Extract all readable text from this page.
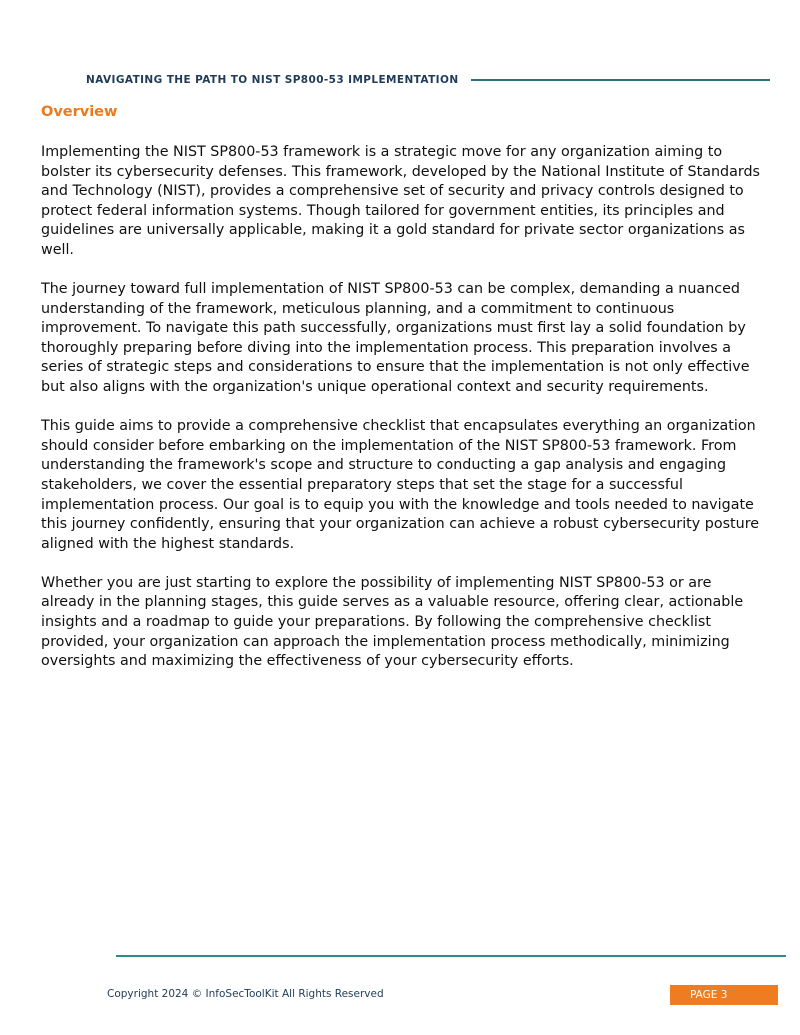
NAVIGATING THE PATH TO NIST SP800-53 IMPLEMENTATION
Overview

Implementing the NIST SP800-53 framework is a strategic move for any organization aiming to bolster its cybersecurity defenses. This framework, developed by the National Institute of Standards and Technology (NIST), provides a comprehensive set of security and privacy controls designed to protect federal information systems. Though tailored for government entities, its principles and guidelines are universally applicable, making it a gold standard for private sector organizations as well.

The journey toward full implementation of NIST SP800-53 can be complex, demanding a nuanced understanding of the framework, meticulous planning, and a commitment to continuous improvement. To navigate this path successfully, organizations must first lay a solid foundation by thoroughly preparing before diving into the implementation process. This preparation involves a series of strategic steps and considerations to ensure that the implementation is not only effective but also aligns with the organization's unique operational context and security requirements.

This guide aims to provide a comprehensive checklist that encapsulates everything an organization should consider before embarking on the implementation of the NIST SP800-53 framework. From understanding the framework's scope and structure to conducting a gap analysis and engaging stakeholders, we cover the essential preparatory steps that set the stage for a successful implementation process. Our goal is to equip you with the knowledge and tools needed to navigate this journey confidently, ensuring that your organization can achieve a robust cybersecurity posture aligned with the highest standards.

Whether you are just starting to explore the possibility of implementing NIST SP800-53 or are already in the planning stages, this guide serves as a valuable resource, offering clear, actionable insights and a roadmap to guide your preparations. By following the comprehensive checklist provided, your organization can approach the implementation process methodically, minimizing oversights and maximizing the effectiveness of your cybersecurity efforts.

Copyright 2024 © InfoSecToolKit All Rights Reserved	PAGE 3
